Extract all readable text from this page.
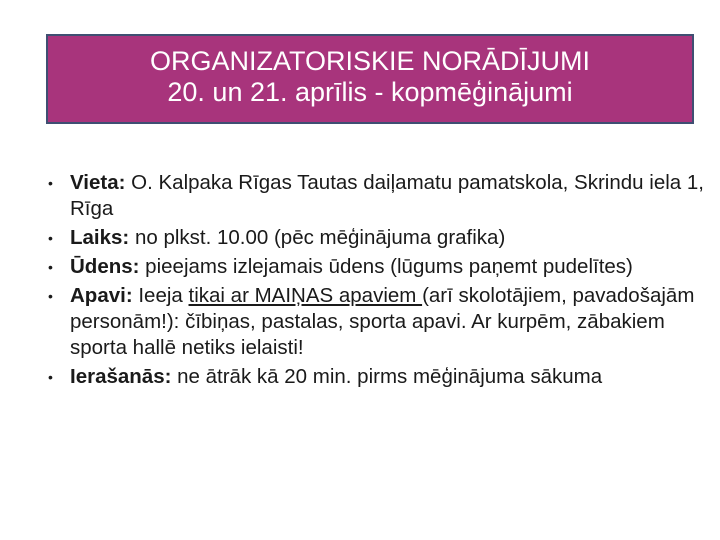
ORGANIZATORISKIE NORĀDĪJUMI
20. un 21. aprīlis - kopmēģinājumi
• Vieta: O. Kalpaka Rīgas Tautas daiļamatu pamatskola, Skrindu iela 1, Rīga
• Laiks: no plkst. 10.00 (pēc mēģinājuma grafika)
• Ūdens: pieejams izlejamais ūdens (lūgums paņemt pudelītes)
• Apavi: Ieeja tikai ar MAIŅAS apaviem (arī skolotājiem, pavadošajām personām!): čībiņas, pastalas, sporta apavi. Ar kurpēm, zābakiem sporta hallē netiks ielaisti!
• Ierašanās: ne ātrāk kā 20 min. pirms mēģinājuma sākuma
